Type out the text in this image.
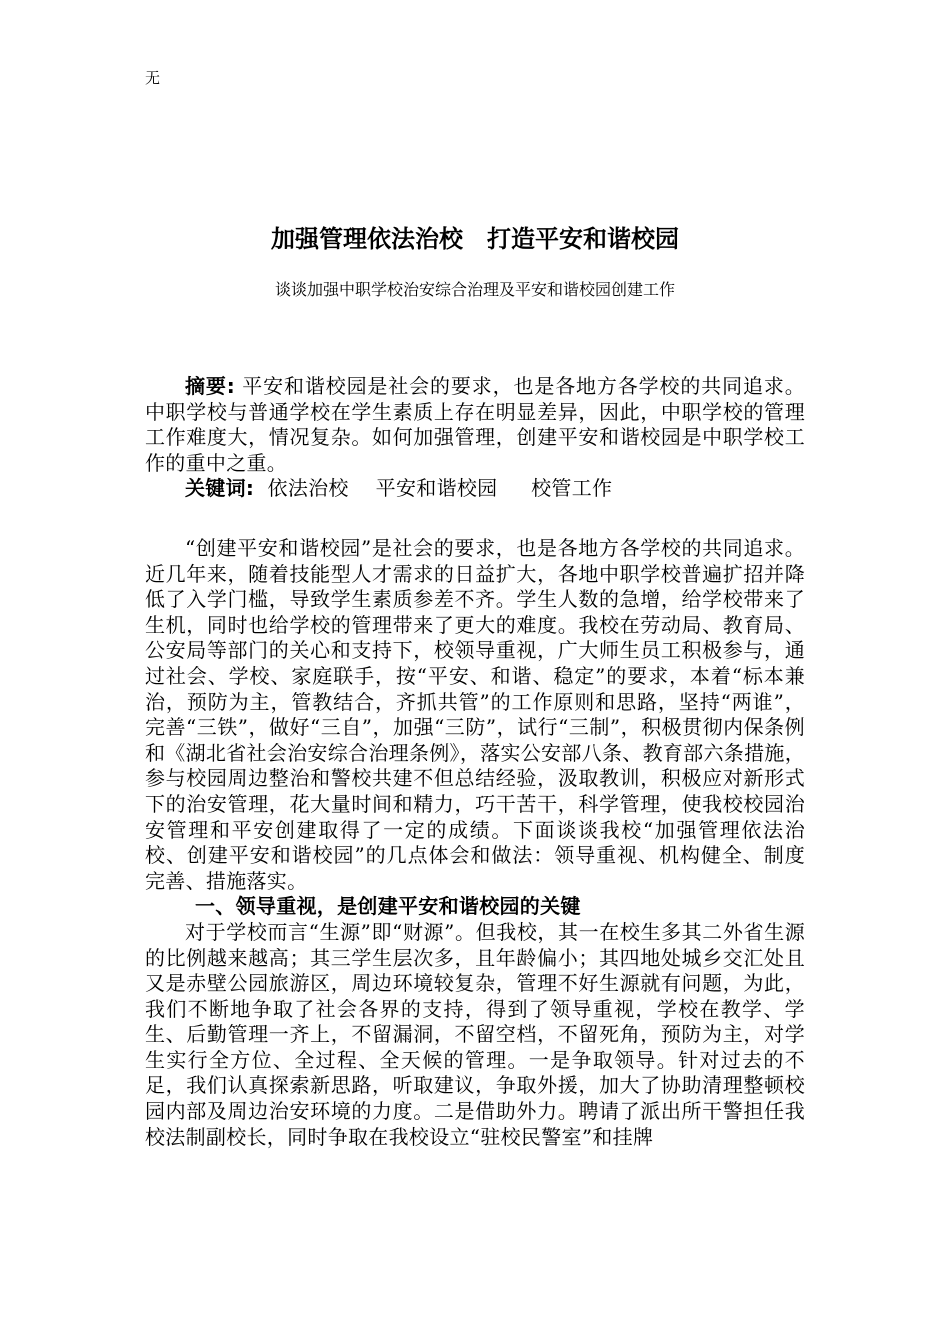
无
加强管理依法治校　打造平安和谐校园
谈谈加强中职学校治安综合治理及平安和谐校园创建工作

摘要: 平安和谐校园是社会的要求，也是各地方各学校的共同追求。中职学校与普通学校在学生素质上存在明显差异，因此，中职学校的管理工作难度大，情况复杂。如何加强管理，创建平安和谐校园是中职学校工作的重中之重。

关键词:  依法治校　 平安和谐校园　  校管工作

“创建平安和谐校园”是社会的要求，也是各地方各学校的共同追求。近几年来，随着技能型人才需求的日益扩大，各地中职学校普遍扩招并降低了入学门槛，导致学生素质参差不齐。学生人数的急增，给学校带来了生机，同时也给学校的管理带来了更大的难度。我校在劳动局、教育局、公安局等部门的关心和支持下，校领导重视，广大师生员工积极参与，通过社会、学校、家庭联手，按“平安、和谐、稳定”的要求，本着“标本兼治，预防为主，管教结合，齐抓共管”的工作原则和思路，坚持“两谁”，完善“三铁”，做好“三自”，加强“三防”，试行“三制”，积极贯彻内保条例和《湖北省社会治安综合治理条例》，落实公安部八条、教育部六条措施，参与校园周边整治和警校共建不但总结经验，汲取教训，积极应对新形式下的治安管理，花大量时间和精力，巧干苦干，科学管理，使我校校园治安管理和平安创建取得了一定的成绩。下面谈谈我校“加强管理依法治校、创建平安和谐校园”的几点体会和做法：领导重视、机构健全、制度完善、措施落实。

一、领导重视，是创建平安和谐校园的关键

对于学校而言“生源”即“财源”。但我校，其一在校生多其二外省生源的比例越来越高；其三学生层次多，且年龄偏小；其四地处城乡交汇处且又是赤壁公园旅游区，周边环境较复杂，管理不好生源就有问题，为此，我们不断地争取了社会各界的支持，得到了领导重视，学校在教学、学生、后勤管理一齐上，不留漏洞，不留空档，不留死角，预防为主，对学生实行全方位、全过程、全天候的管理。一是争取领导。针对过去的不足，我们认真探索新思路，听取建议，争取外援，加大了协助清理整顿校园内部及周边治安环境的力度。二是借助外力。聘请了派出所干警担任我校法制副校长，同时争取在我校设立“驻校民警室”和挂牌
